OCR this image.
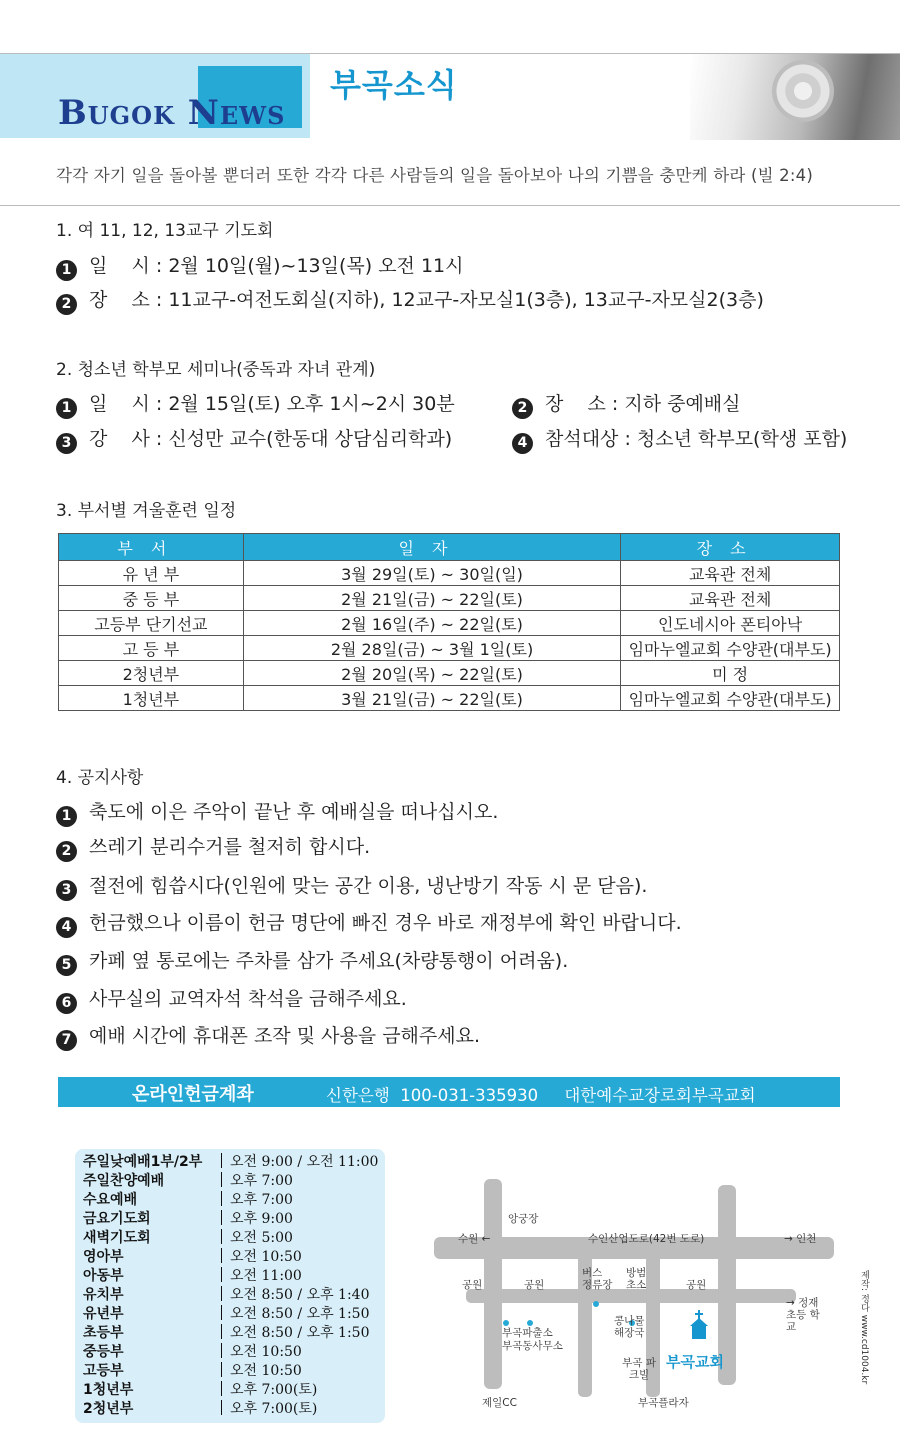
Bugok News
부곡소식
각각 자기 일을 돌아볼 뿐더러 또한 각각 다른 사람들의 일을 돌아보아 나의 기쁨을 충만케 하라 (빌 2:4)
1. 여 11, 12, 13교구 기도회
1 일    시 : 2월 10일(월)~13일(목) 오전 11시
2 장    소 : 11교구-여전도회실(지하), 12교구-자모실1(3층), 13교구-자모실2(3층)
2. 청소년 학부모 세미나(중독과 자녀 관계)
1 일    시 : 2월 15일(토) 오후 1시~2시 30분
3 강    사 : 신성만 교수(한동대 상담심리학과)
2 장    소 : 지하 중예배실
4 참석대상 : 청소년 학부모(학생 포함)
3. 부서별 겨울훈련 일정
부서	일자	장소
유 년 부	3월 29일(토) ~ 30일(일)	교육관 전체
중 등 부	2월 21일(금) ~ 22일(토)	교육관 전체
고등부 단기선교	2월 16일(주) ~ 22일(토)	인도네시아 폰티아낙
고 등 부	2월 28일(금) ~ 3월 1일(토)	임마누엘교회 수양관(대부도)
2청년부	2월 20일(목) ~ 22일(토)	미 정
1청년부	3월 21일(금) ~ 22일(토)	임마누엘교회 수양관(대부도)
4. 공지사항
1 축도에 이은 주악이 끝난 후 예배실을 떠나십시오.
2 쓰레기 분리수거를 철저히 합시다.
3 절전에 힘씁시다(인원에 맞는 공간 이용, 냉난방기 작동 시 문 닫음).
4 헌금했으나 이름이 헌금 명단에 빠진 경우 바로 재정부에 확인 바랍니다.
5 카페 옆 통로에는 주차를 삼가 주세요(차량통행이 어려움).
6 사무실의 교역자석 착석을 금해주세요.
7 예배 시간에 휴대폰 조작 및 사용을 금해주세요.
온라인헌금계좌	신한은행  100-031-335930     대한예수교장로회부곡교회
주일낮예배1부/2부 오전 9:00 / 오전 11:00
주일찬양예배	오후 7:00
수요예배	오후 7:00
금요기도회	오후 9:00
새벽기도회	오전 5:00
영아부	오전 10:50
아동부	오전 11:00
유치부	오전 8:50 / 오후 1:40
유년부	오전 8:50 / 오후 1:50
초등부	오전 8:50 / 오후 1:50
중등부	오전 10:50
고등부	오전 10:50
1청년부	오후 7:00(토)
2청년부	오후 7:00(토)
앙궁장
수원 ←	수인산업도로(42번 도로)	→ 인천
공원	공원	공원
버스 정류장
방범 초소
→ 정재 초등 학교
부곡파출소 부곡동사무소
콩나물 해장국
부곡 파크빌
부곡교회
제일CC	부곡플라자
제작: 정다 www.cd1004.kr
